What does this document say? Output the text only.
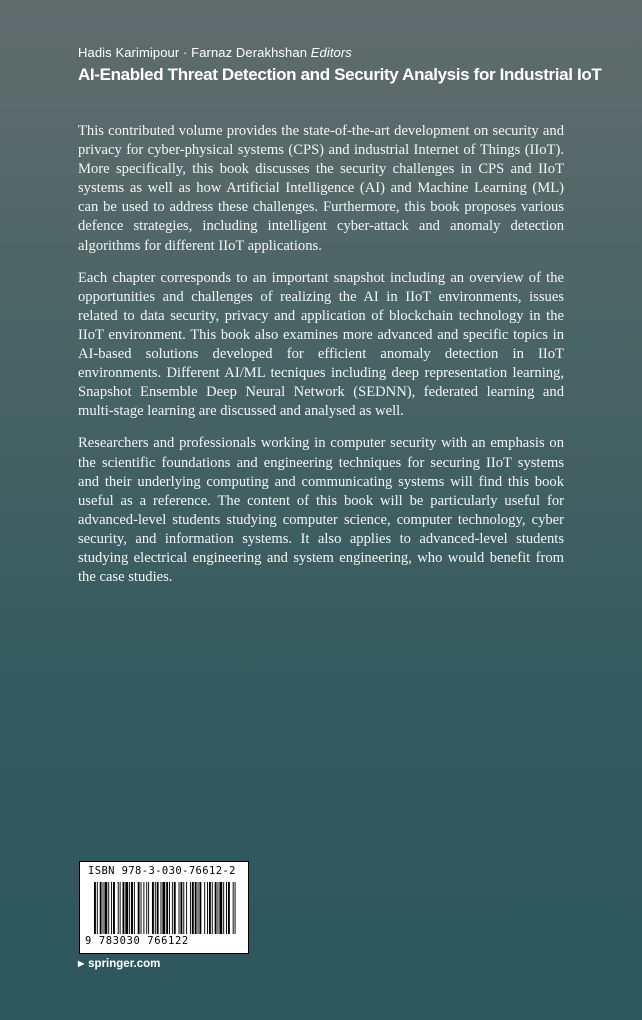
Hadis Karimipour · Farnaz Derakhshan Editors
AI-Enabled Threat Detection and Security Analysis for Industrial IoT

This contributed volume provides the state-of-the-art development on security and privacy for cyber-physical systems (CPS) and industrial Internet of Things (IIoT). More specifically, this book discusses the security challenges in CPS and IIoT systems as well as how Artificial Intelligence (AI) and Machine Learning (ML) can be used to address these challenges. Furthermore, this book proposes various defence strategies, including intelligent cyber-attack and anomaly detection algorithms for different IIoT applications.

Each chapter corresponds to an important snapshot including an overview of the opportunities and challenges of realizing the AI in IIoT environments, issues related to data security, privacy and application of blockchain technology in the IIoT environment. This book also examines more advanced and specific topics in AI-based solutions developed for efficient anomaly detection in IIoT environments. Different AI/ML tecniques including deep representation learning, Snapshot Ensemble Deep Neural Network (SEDNN), federated learning and multi-stage learning are discussed and analysed as well.

Researchers and professionals working in computer security with an emphasis on the scientific foundations and engineering techniques for securing IIoT systems and their underlying computing and communicating systems will find this book useful as a reference. The content of this book will be particularly useful for advanced-level students studying computer science, computer technology, cyber security, and information systems. It also applies to advanced-level students studying electrical engineering and system engineering, who would benefit from the case studies.

ISBN 978-3-030-76612-2
9 783030 766122
▶ springer.com
